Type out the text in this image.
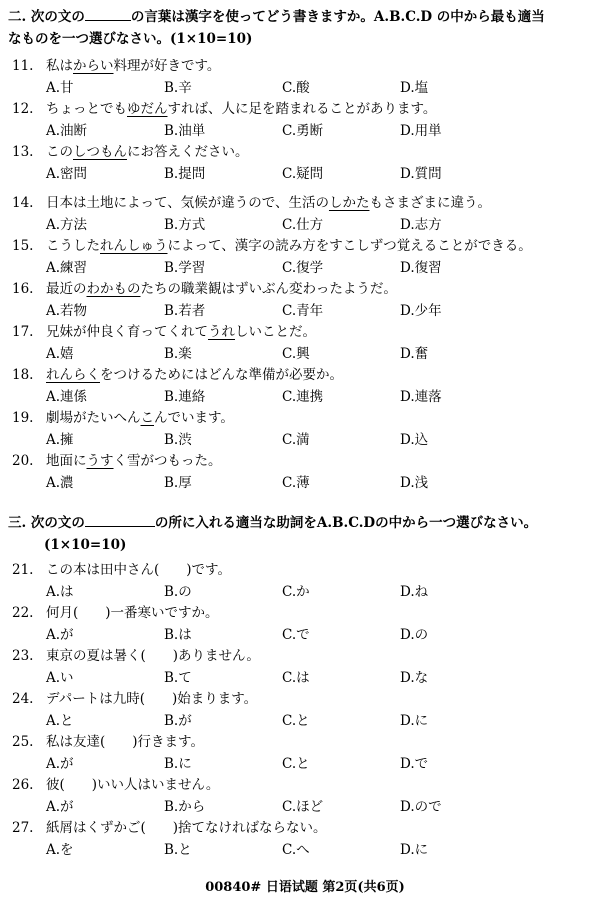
二. 次の文の	の言葉は漢字を使ってどう書きますか。A.B.C.D の中から最も適当
なものを一つ選びなさい。(1×10=10)
11. 私はからい料理が好きです。
A.甘	B.辛	C.酸	D.塩
12. ちょっとでもゆだんすれば、人に足を踏まれることがあります。
A.油断	B.油単	C.勇断	D.用単
13. このしつもんにお答えください。
A.密問	B.提問	C.疑問	D.質問
14. 日本は土地によって、気候が違うので、生活のしかたもさまざまに違う。
A.方法	B.方式	C.仕方	D.志方
15. こうしたれんしゅうによって、漢字の読み方をすこしずつ覚えることができる。
A.練習	B.学習	C.復学	D.復習
16. 最近のわかものたちの職業観はずいぶん変わったようだ。
A.若物	B.若者	C.青年	D.少年
17. 兄妹が仲良く育ってくれてうれしいことだ。
A.嬉	B.楽	C.興	D.奮
18. れんらくをつけるためにはどんな準備が必要か。
A.連係	B.連絡	C.連携	D.連落
19. 劇場がたいへんこんでいます。
A.擁	B.渋	C.満	D.込
20. 地面にうすく雪がつもった。
A.濃	B.厚	C.薄	D.浅
三. 次の文の	の所に入れる適当な助詞をA.B.C.Dの中から一つ選びなさい。
(1×10=10)
21. この本は田中さん(　　)です。
A.は	B.の	C.か	D.ね
22. 何月(　　)一番寒いですか。
A.が	B.は	C.で	D.の
23. 東京の夏は暑く(　　)ありません。
A.い	B.て	C.は	D.な
24. デパートは九時(　　)始まります。
A.と	B.が	C.と	D.に
25. 私は友達(　　)行きます。
A.が	B.に	C.と	D.で
26. 彼(　　)いい人はいません。
A.が	B.から	C.ほど	D.ので
27. 紙屑はくずかご(　　)捨てなければならない。
A.を	B.と	C.へ	D.に
00840# 日语试题 第2页(共6页)
